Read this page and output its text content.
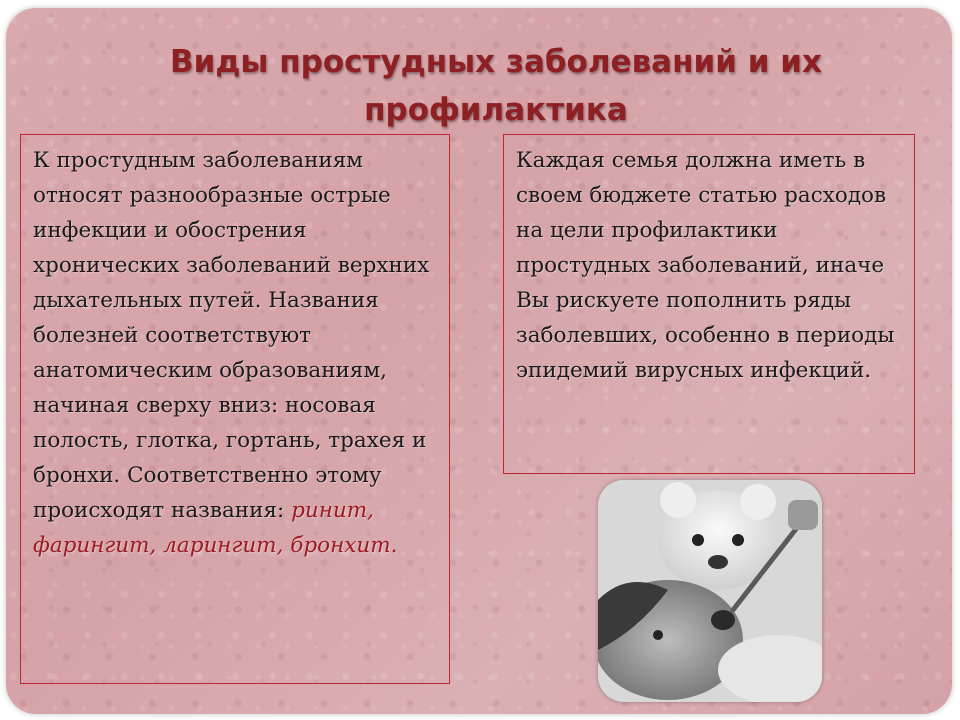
Виды простудных заболеваний и их профилактика
К простудным заболеваниям относят разнообразные острые инфекции и обострения хронических заболеваний верхних дыхательных путей. Названия болезней соответствуют анатомическим образованиям, начиная сверху вниз: носовая полость, глотка, гортань, трахея и бронхи. Соответственно этому происходят названия: ринит, фарингит, ларингит, бронхит.
Каждая семья должна иметь в своем бюджете статью расходов на цели профилактики простудных заболеваний, иначе Вы рискуете пополнить ряды заболевших, особенно в периоды эпидемий вирусных инфекций.
